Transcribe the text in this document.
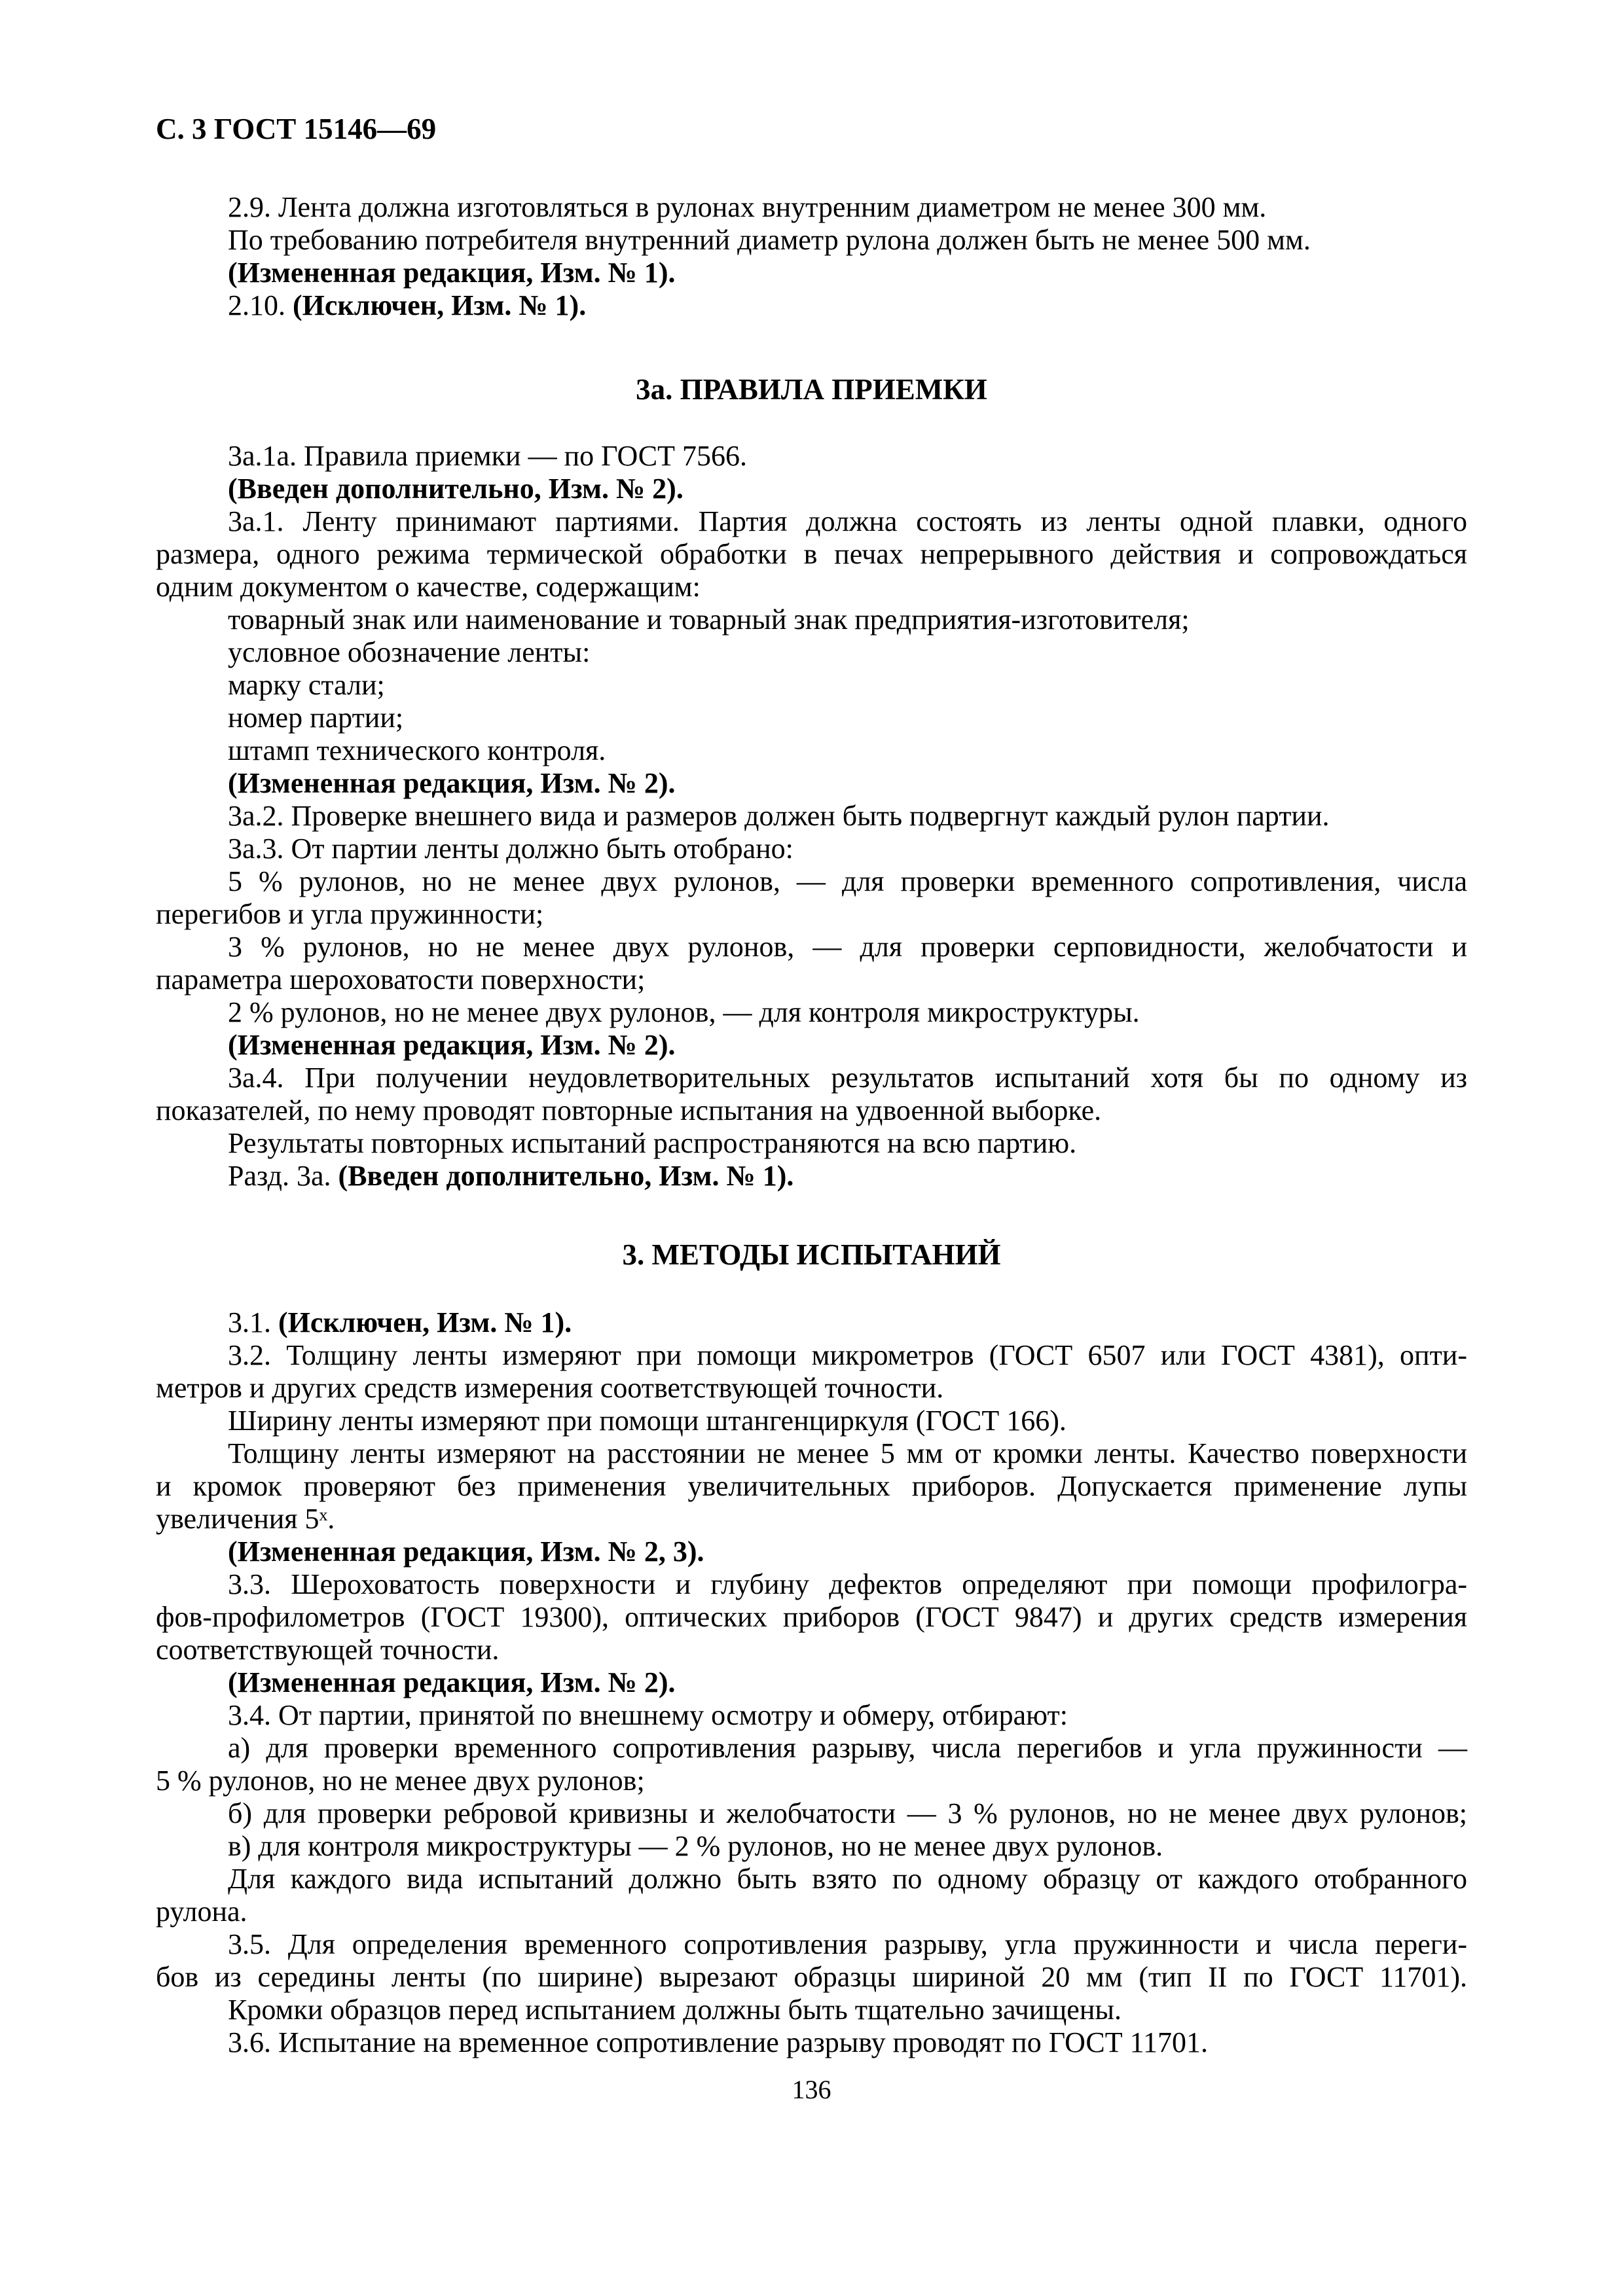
С. 3 ГОСТ 15146—69
2.9. Лента должна изготовляться в рулонах внутренним диаметром не менее 300 мм.
По требованию потребителя внутренний диаметр рулона должен быть не менее 500 мм.
(Измененная редакция, Изм. № 1).
2.10. (Исключен, Изм. № 1).
3а. ПРАВИЛА ПРИЕМКИ
3а.1а. Правила приемки — по ГОСТ 7566.
(Введен дополнительно, Изм. № 2).
3а.1. Ленту принимают партиями. Партия должна состоять из ленты одной плавки, одного
размера, одного режима термической обработки в печах непрерывного действия и сопровождаться
одним документом о качестве, содержащим:
товарный знак или наименование и товарный знак предприятия-изготовителя;
условное обозначение ленты:
марку стали;
номер партии;
штамп технического контроля.
(Измененная редакция, Изм. № 2).
3а.2. Проверке внешнего вида и размеров должен быть подвергнут каждый рулон партии.
3а.3. От партии ленты должно быть отобрано:
5 % рулонов, но не менее двух рулонов, — для проверки временного сопротивления, числа
перегибов и угла пружинности;
3 % рулонов, но не менее двух рулонов, — для проверки серповидности, желобчатости и
параметра шероховатости поверхности;
2 % рулонов, но не менее двух рулонов, — для контроля микроструктуры.
(Измененная редакция, Изм. № 2).
3а.4. При получении неудовлетворительных результатов испытаний хотя бы по одному из
показателей, по нему проводят повторные испытания на удвоенной выборке.
Результаты повторных испытаний распространяются на всю партию.
Разд. 3а. (Введен дополнительно, Изм. № 1).
3. МЕТОДЫ ИСПЫТАНИЙ
3.1. (Исключен, Изм. № 1).
3.2. Толщину ленты измеряют при помощи микрометров (ГОСТ 6507 или ГОСТ 4381), опти-
метров и других средств измерения соответствующей точности.
Ширину ленты измеряют при помощи штангенциркуля (ГОСТ 166).
Толщину ленты измеряют на расстоянии не менее 5 мм от кромки ленты. Качество поверхности
и кромок проверяют без применения увеличительных приборов. Допускается применение лупы
увеличения 5ˣ.
(Измененная редакция, Изм. № 2, 3).
3.3. Шероховатость поверхности и глубину дефектов определяют при помощи профилогра-
фов-профилометров (ГОСТ 19300), оптических приборов (ГОСТ 9847) и других средств измерения
соответствующей точности.
(Измененная редакция, Изм. № 2).
3.4. От партии, принятой по внешнему осмотру и обмеру, отбирают:
а) для проверки временного сопротивления разрыву, числа перегибов и угла пружинности —
5 % рулонов, но не менее двух рулонов;
б) для проверки ребровой кривизны и желобчатости — 3 % рулонов, но не менее двух рулонов;
в) для контроля микроструктуры — 2 % рулонов, но не менее двух рулонов.
Для каждого вида испытаний должно быть взято по одному образцу от каждого отобранного
рулона.
3.5. Для определения временного сопротивления разрыву, угла пружинности и числа переги-
бов из середины ленты (по ширине) вырезают образцы шириной 20 мм (тип II по ГОСТ 11701).
Кромки образцов перед испытанием должны быть тщательно зачищены.
3.6. Испытание на временное сопротивление разрыву проводят по ГОСТ 11701.
136
